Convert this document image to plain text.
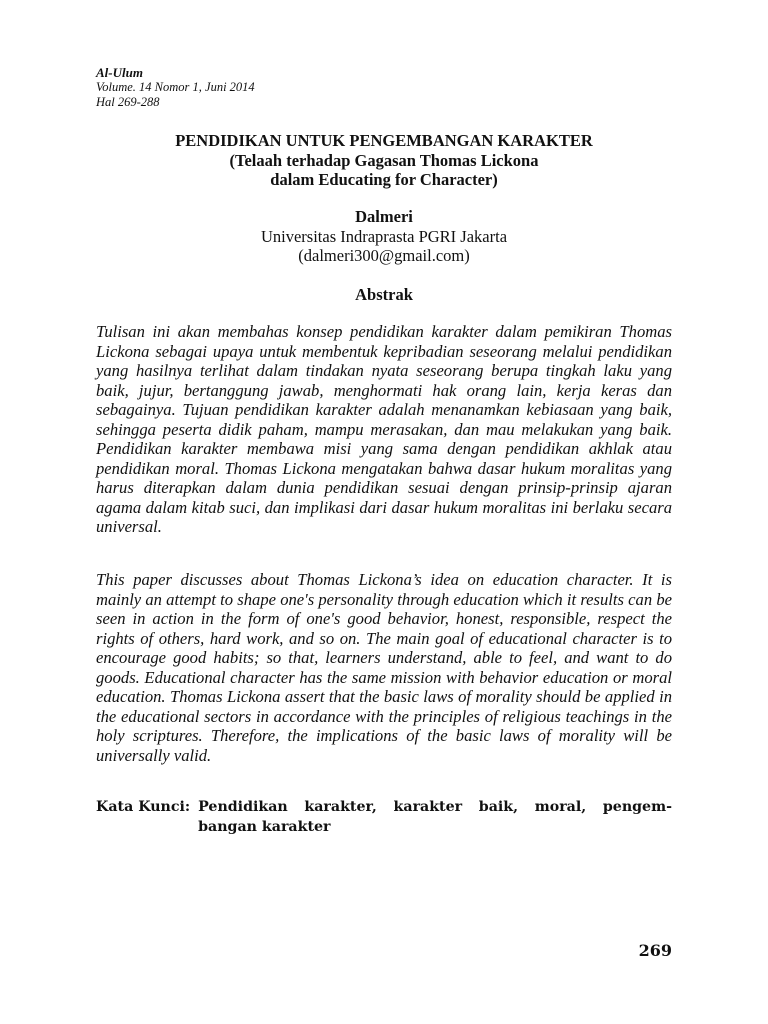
Al-Ulum
Volume. 14 Nomor 1, Juni 2014
Hal 269-288
PENDIDIKAN UNTUK PENGEMBANGAN KARAKTER
(Telaah terhadap Gagasan Thomas Lickona
dalam Educating for Character)
Dalmeri
Universitas Indraprasta PGRI Jakarta
(dalmeri300@gmail.com)
Abstrak

Tulisan ini akan membahas konsep pendidikan karakter dalam pemikiran Thomas Lickona sebagai upaya untuk membentuk kepribadian seseorang melalui pendidikan yang hasilnya terlihat dalam tindakan nyata seseorang berupa tingkah laku yang baik, jujur, bertanggung jawab, menghormati hak orang lain, kerja keras dan sebagainya. Tujuan pendidikan karakter adalah menanamkan kebiasaan yang baik, sehingga peserta didik paham, mampu merasakan, dan mau melakukan yang baik. Pendidikan karakter membawa misi yang sama dengan pendidikan akhlak atau pendidikan moral. Thomas Lickona mengatakan bahwa dasar hukum moralitas yang harus diterapkan dalam dunia pendidikan sesuai dengan prinsip-prinsip ajaran agama dalam kitab suci, dan implikasi dari dasar hukum moralitas ini berlaku secara universal.

This paper discusses about Thomas Lickona’s idea on education character. It is mainly an attempt to shape one's personality through education which it results can be seen in action in the form of one's good behavior, honest, responsible, respect the rights of others, hard work, and so on. The main goal of educational character is to encourage good habits; so that, learners understand, able to feel, and want to do goods. Educational character has the same mission with behavior education or moral education. Thomas Lickona assert that the basic laws of morality should be applied in the educational sectors in accordance with the principles of religious teachings in the holy scriptures. Therefore, the implications of the basic laws of morality will be universally valid.

Kata Kunci: Pendidikan karakter, karakter baik, moral, pengem-bangan karakter
269
